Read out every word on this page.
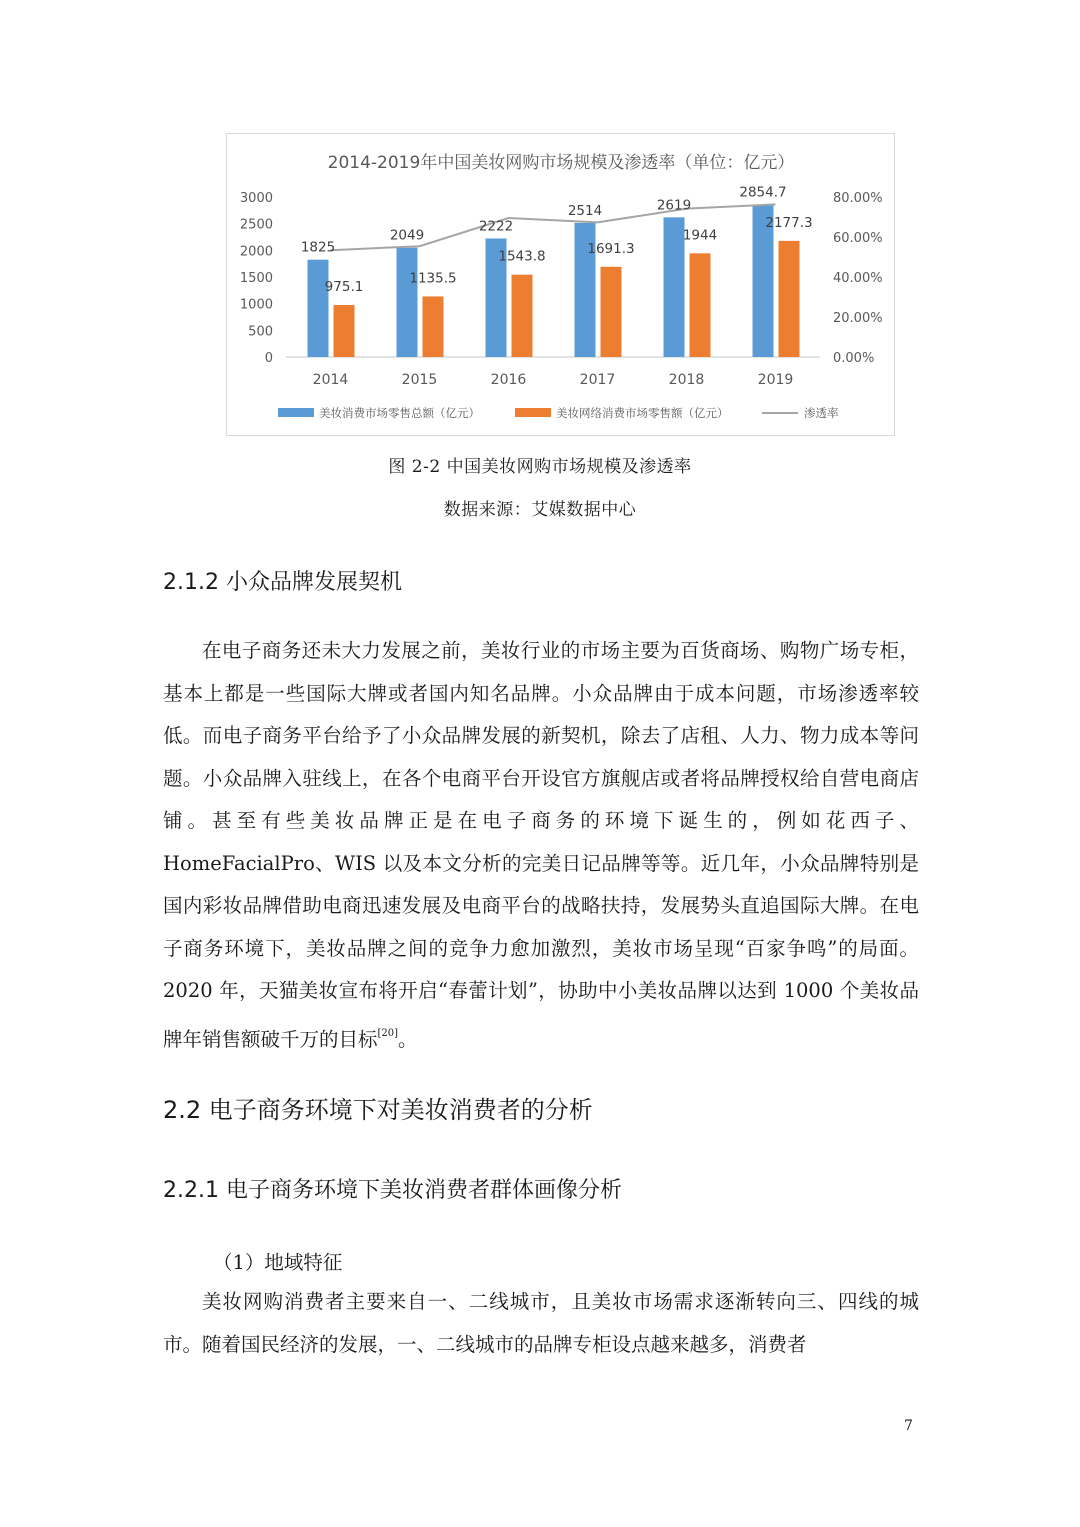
2014-2019年中国美妆网购市场规模及渗透率（单位：亿元）
0
500
1000
1500
2000
2500
3000
0.00%
20.00%
40.00%
60.00%
80.00%
2014	2015	2016	2017	2018	2019
1825
975.1
2049
1135.5
2222
1543.8
2514
1691.3
2619
1944
2854.7
2177.3
美妆消费市场零售总额（亿元）	美妆网络消费市场零售额（亿元）	渗透率
图 2-2 中国美妆网购市场规模及渗透率
数据来源：艾媒数据中心
2.1.2 小众品牌发展契机

在电子商务还未大力发展之前，美妆行业的市场主要为百货商场、购物广场专柜，基本上都是一些国际大牌或者国内知名品牌。小众品牌由于成本问题，市场渗透率较低。而电子商务平台给予了小众品牌发展的新契机，除去了店租、人力、物力成本等问题。小众品牌入驻线上，在各个电商平台开设官方旗舰店或者将品牌授权给自营电商店铺。甚至有些美妆品牌正是在电子商务的环境下诞生的，例如花西子、HomeFacialPro、WIS 以及本文分析的完美日记品牌等等。近几年，小众品牌特别是国内彩妆品牌借助电商迅速发展及电商平台的战略扶持，发展势头直追国际大牌。在电子商务环境下，美妆品牌之间的竞争力愈加激烈，美妆市场呈现“百家争鸣”的局面。2020 年，天猫美妆宣布将开启“春蕾计划”，协助中小美妆品牌以达到 1000 个美妆品牌年销售额破千万的目标[20]。

2.2 电子商务环境下对美妆消费者的分析
2.2.1 电子商务环境下美妆消费者群体画像分析
（1）地域特征

美妆网购消费者主要来自一、二线城市，且美妆市场需求逐渐转向三、四线的城市。随着国民经济的发展，一、二线城市的品牌专柜设点越来越多，消费者

7
